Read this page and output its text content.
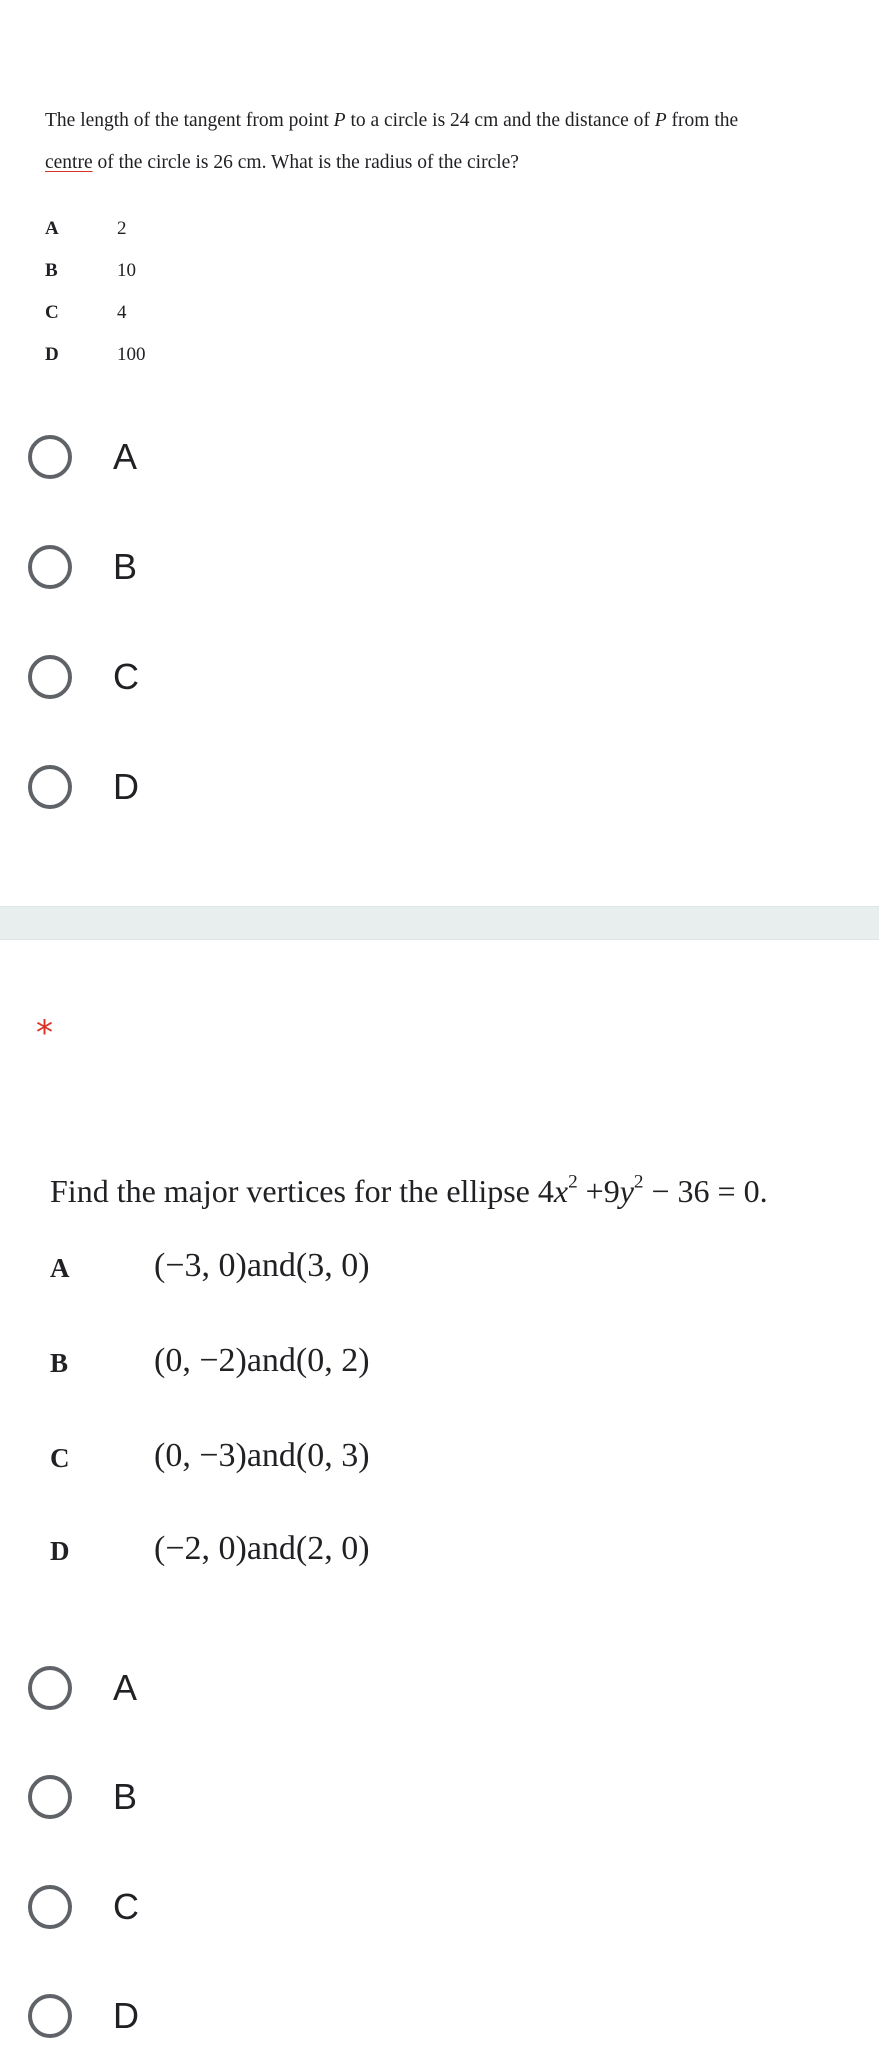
The length of the tangent from point P to a circle is 24 cm and the distance of P from the
centre of the circle is 26 cm. What is the radius of the circle?
A	2
B	10
C	4
D	100
A
B
C
D
*
Find the major vertices for the ellipse $4x^2 +9y^2 - 36 = 0$.
A (−3, 0)and(3, 0)
B	(0, −2)and(0, 2)
C (0, −3)and(0, 3)
D (−2, 0)and(2, 0)
A
B
C
D
